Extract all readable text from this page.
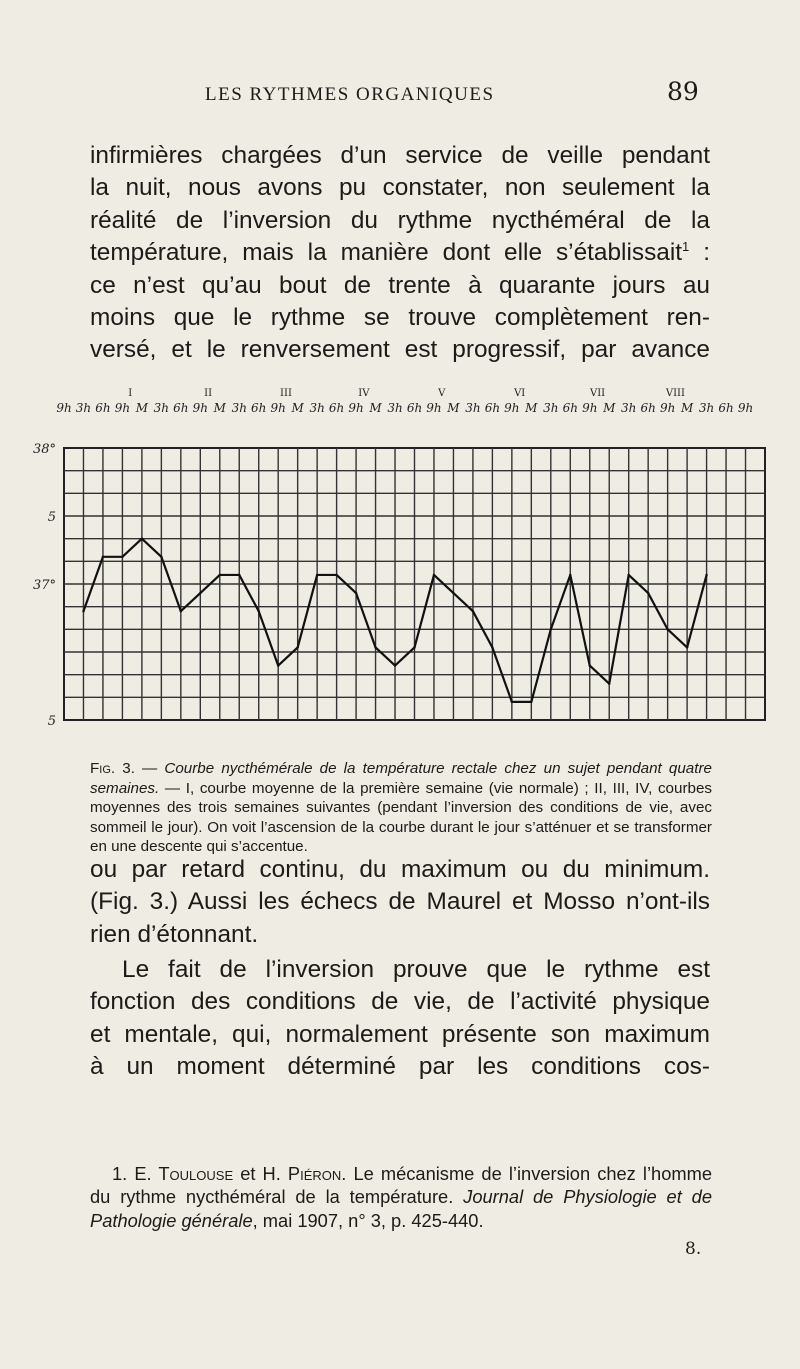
LES RYTHMES ORGANIQUES	89
infirmières chargées d’un service de veille pendant
la nuit, nous avons pu constater, non seulement la
réalité de l’inversion du rythme nycthéméral de la
température, mais la manière dont elle s’établissait$^1$ :
ce n’est qu’au bout de trente à quarante jours au
moins que le rythme se trouve complètement ren-
versé, et le renversement est progressif, par avance
9h 3h 6h 9h M 3h 6h 9h M 3h 6h 9h M 3h 6h 9h M 3h 6h 9h M 3h 6h 9h M 3h 6h 9h M 3h 6h 9h M 3h 6h 9h
I	II	III	IV	V	VI	VII	VIII
38°
5
37°
5

Fig. 3. — Courbe nycthémérale de la température rectale chez un sujet pendant quatre semaines. — I, courbe moyenne de la première semaine (vie normale) ; II, III, IV, courbes moyennes des trois semaines suivantes (pendant l’inversion des conditions de vie, avec sommeil le jour). On voit l’ascension de la courbe durant le jour s’atténuer et se transformer en une descente qui s’accentue.

ou par retard continu, du maximum ou du minimum.
(Fig. 3.) Aussi les échecs de Maurel et Mosso n’ont-ils
rien d’étonnant.
Le fait de l’inversion prouve que le rythme est
fonction des conditions de vie, de l’activité physique
et mentale, qui, normalement présente son maximum
à un moment déterminé par les conditions cos-

1. E. Toulouse et H. Piéron. Le mécanisme de l’inversion chez l’homme du rythme nycthéméral de la température. Journal de Physiologie et de Pathologie générale, mai 1907, n° 3, p. 425-440.

8.
